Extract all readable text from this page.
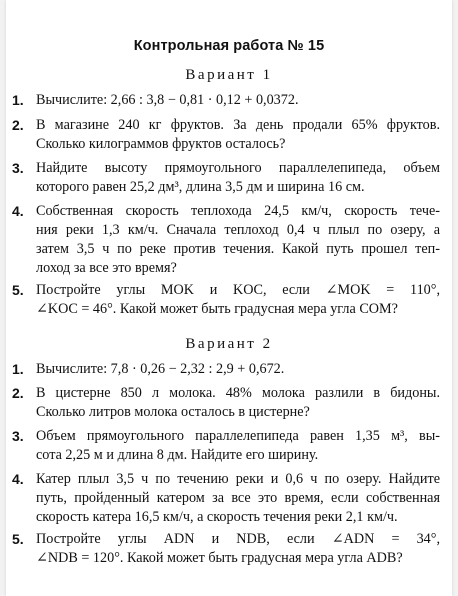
Контрольная работа № 15
Вариант 1
1. Вычислите: 2,66 : 3,8 − 0,81 · 0,12 + 0,0372.
2. В магазине 240 кг фруктов. За день продали 65% фруктов.
Сколько килограммов фруктов осталось?
3. Найдите высоту прямоугольного параллелепипеда, объем
которого равен 25,2 дм³, длина 3,5 дм и ширина 16 см.
4. Собственная скорость теплохода 24,5 км/ч, скорость тече-
ния реки 1,3 км/ч. Сначала теплоход 0,4 ч плыл по озеру, а
затем 3,5 ч по реке против течения. Какой путь прошел теп-
лоход за все это время?
5. Постройте углы MOK и KOC, если ∠MOK = 110°,
∠KOC = 46°. Какой может быть градусная мера угла COM?
Вариант 2
1. Вычислите: 7,8 · 0,26 − 2,32 : 2,9 + 0,672.
2. В цистерне 850 л молока. 48% молока разлили в бидоны.
Сколько литров молока осталось в цистерне?
3. Объем прямоугольного параллелепипеда равен 1,35 м³, вы-
сота 2,25 м и длина 8 дм. Найдите его ширину.
4. Катер плыл 3,5 ч по течению реки и 0,6 ч по озеру. Найдите
путь, пройденный катером за все это время, если собственная
скорость катера 16,5 км/ч, а скорость течения реки 2,1 км/ч.
5. Постройте углы ADN и NDB, если ∠ADN = 34°,
∠NDB = 120°. Какой может быть градусная мера угла ADB?
